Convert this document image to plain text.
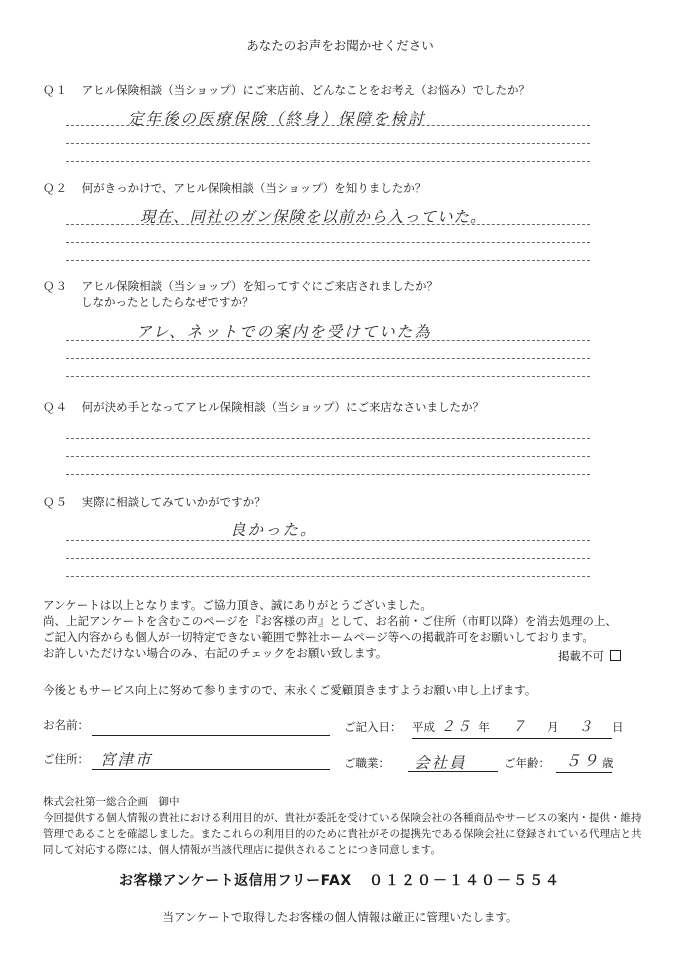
あなたのお声をお聞かせください
Ｑ１ アヒル保険相談（当ショップ）にご来店前、どんなことをお考え（お悩み）でしたか？
定年後の医療保険（終身）保障を検討
Ｑ２ 何がきっかけで、アヒル保険相談（当ショップ）を知りましたか？
現在、同社のガン保険を以前から入っていた。
Ｑ３ アヒル保険相談（当ショップ）を知ってすぐにご来店されましたか？
しなかったとしたらなぜですか？
アレ、ネットでの案内を受けていた為
Ｑ４ 何が決め手となってアヒル保険相談（当ショップ）にご来店なさいましたか？
Ｑ５ 実際に相談してみていかがですか？
良かった。
アンケートは以上となります。ご協力頂き、誠にありがとうございました。
尚、上記アンケートを含むこのページを『お客様の声』として、お名前・ご住所（市町以降）を消去処理の上、
ご記入内容からも個人が一切特定できない範囲で弊社ホームページ等への掲載許可をお願いしております。
お許しいただけない場合のみ、右記のチェックをお願い致します。	掲載不可
今後ともサービス向上に努めて参りますので、末永くご愛顧頂きますようお願い申し上げます。
お名前：	ご記入日： 平成 ２５ 年 ７ 月 ３ 日
ご住所： 宮津市	ご職業： 会社員	ご年齢： ５９ 歳
株式会社第一総合企画　御中
今回提供する個人情報の貴社における利用目的が、貴社が委託を受けている保険会社の各種商品やサービスの案内・提供・維持
管理であることを確認しました。またこれらの利用目的のために貴社がその提携先である保険会社に登録されている代理店と共
同して対応する際には、個人情報が当該代理店に提供されることにつき同意します。
お客様アンケート返信用フリーFAX ０１２０－１４０－５５４
当アンケートで取得したお客様の個人情報は厳正に管理いたします。
